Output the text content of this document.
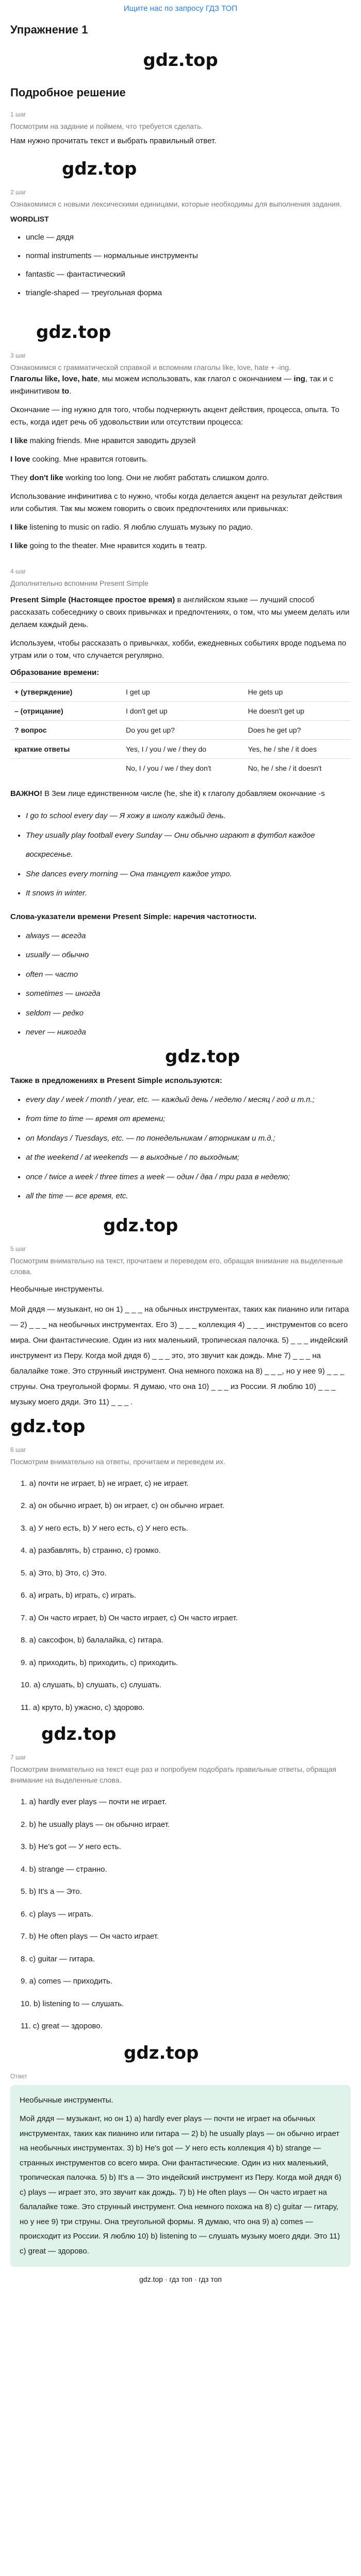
Ищите нас по запросу ГДЗ ТОП
Упражнение 1
gdz.top
Подробное решение
1 шаг
Посмотрим на задание и поймем, что требуется сделать.

Нам нужно прочитать текст и выбрать правильный ответ.

gdz.top
2 шаг
Ознакомимся с новыми лексическими единицами, которые необходимы для выполнения задания.
WORDLIST
• uncle — дядя
• normal instruments — нормальные инструменты
• fantastic — фантастический
• triangle-shaped — треугольная форма
gdz.top
3 шаг
Ознакомимся с грамматической справкой и вспомним глаголы like, love, hate + -ing.

Глаголы like, love, hate, мы можем использовать, как глагол с окончанием — ing, так и с инфинитивом to.

Окончание — ing нужно для того, чтобы подчеркнуть акцент действия, процесса, опыта. То есть, когда идет речь об удовольствии или отсутствии процесса:

I like making friends. Мне нравится заводить друзей

I love cooking. Мне нравится готовить.

They don't like working too long. Они не любят работать слишком долго.

Использование инфинитива с to нужно, чтобы когда делается акцент на результат действия или события. Так мы можем говорить о своих предпочтениях или привычках:

I like listening to music on radio. Я люблю слушать музыку по радио.

I like going to the theater. Мне нравится ходить в театр.

4 шаг
Дополнительно вспомним Present Simple

Present Simple (Настоящее простое время) в английском языке — лучший способ рассказать собеседнику о своих привычках и предпочтениях, о том, что мы умеем делать или делаем каждый день.

Используем, чтобы рассказать о привычках, хобби, ежедневных событиях вроде подъема по утрам или о том, что случается регулярно.

Образование времени:
+ (утверждение)	I get up	He gets up
– (отрицание)	I don't get up	He doesn't get up
? вопрос	Do you get up?	Does he get up?
краткие ответы	Yes, I / you / we / they do	Yes, he / she / it does
	No, I / you / we / they don't	No, he / she / it doesn't

ВАЖНО! В 3ем лице единственном числе (he, she it) к глаголу добавляем окончание -s

• I go to school every day — Я хожу в школу каждый день.
• They usually play football every Sunday — Они обычно играют в футбол каждое воскресенье.
• She dances every morning — Она танцует каждое утро.
• It snows in winter.
Слова-указатели времени Present Simple: наречия частотности.
• always — всегда
• usually — обычно
• often — часто
• sometimes — иногда
• seldom — редко
• never — никогда
gdz.top
Также в предложениях в Present Simple используются:
• every day / week / month / year, etc. — каждый день / неделю / месяц / год и т.п.;
• from time to time — время от времени;
• on Mondays / Tuesdays, etc. — по понедельникам / вторникам и т.д.;
• at the weekend / at weekends — в выходные / по выходным;
• once / twice a week / three times a week — один / два / три раза в неделю;
• all the time — все время, etc.
gdz.top
5 шаг
Посмотрим внимательно на текст, прочитаем и переведем его, обращая внимание на выделенные слова.

Необычные инструменты.

Мой дядя — музыкант, но он 1) _ _ _ на обычных инструментах, таких как пианино или гитара — 2) _ _ _ на необычных инструментах. Его 3) _ _ _ коллекция 4) _ _ _ инструментов со всего мира. Они фантастические. Один из них маленький, тропическая палочка. 5) _ _ _ индейский инструмент из Перу. Когда мой дядя 6) _ _ _ это, это звучит как дождь. Мне 7) _ _ _ на балалайке тоже. Это струнный инструмент. Она немного похожа на 8) _ _ _, но у нее 9) _ _ _ струны. Она треугольной формы. Я думаю, что она 10) _ _ _ из России. Я люблю 10) _ _ _ музыку моего дяди. Это 11) _ _ _ .

gdz.top
6 шаг
Посмотрим внимательно на ответы, прочитаем и переведем их.
1. a) почти не играет, b) не играет, c) не играет.
2. a) он обычно играет, b) он играет, c) он обычно играет.
3. a) У него есть, b) У него есть, c) У него есть.
4. a) разбавлять, b) странно, c) громко.
5. a) Это, b) Это, c) Это.
6. a) играть, b) играть, c) играть.
7. a) Он часто играет, b) Он часто играет, c) Он часто играет.
8. a) саксофон, b) балалайка, c) гитара.
9. a) приходить, b) приходить, c) приходить.
10. a) слушать, b) слушать, c) слушать.
11. a) круто, b) ужасно, c) здорово.
gdz.top
7 шаг
Посмотрим внимательно на текст еще раз и попробуем подобрать правильные ответы, обращая внимание на выделенные слова.
1. a) hardly ever plays — почти не играет.
2. b) he usually plays — он обычно играет.
3. b) He's got — У него есть.
4. b) strange — странно.
5. b) It's a — Это.
6. c) plays — играть.
7. b) He often plays — Он часто играет.
8. c) guitar — гитара.
9. a) comes — приходить.
10. b) listening to — слушать.
11. c) great — здорово.
gdz.top
Ответ
Необычные инструменты.
Мой дядя — музыкант, но он 1) a) hardly ever plays — почти не играет на обычных инструментах, таких как пианино или гитара — 2) b) he usually plays — он обычно играет на необычных инструментах. 3) b) He's got — У него есть коллекция 4) b) strange — странных инструментов со всего мира. Они фантастические. Один из них маленький, тропическая палочка. 5) b) It's a — Это индейский инструмент из Перу. Когда мой дядя 6) c) plays — играет это, это звучит как дождь. 7) b) He often plays — Он часто играет на балалайке тоже. Это струнный инструмент. Она немного похожа на 8) c) guitar — гитару, но у нее 9) три струны. Она треугольной формы. Я думаю, что она 9) a) comes — происходит из России. Я люблю 10) b) listening to — слушать музыку моего дяди. Это 11) c) great — здорово.
gdz.top · гдз топ · гдз топ
